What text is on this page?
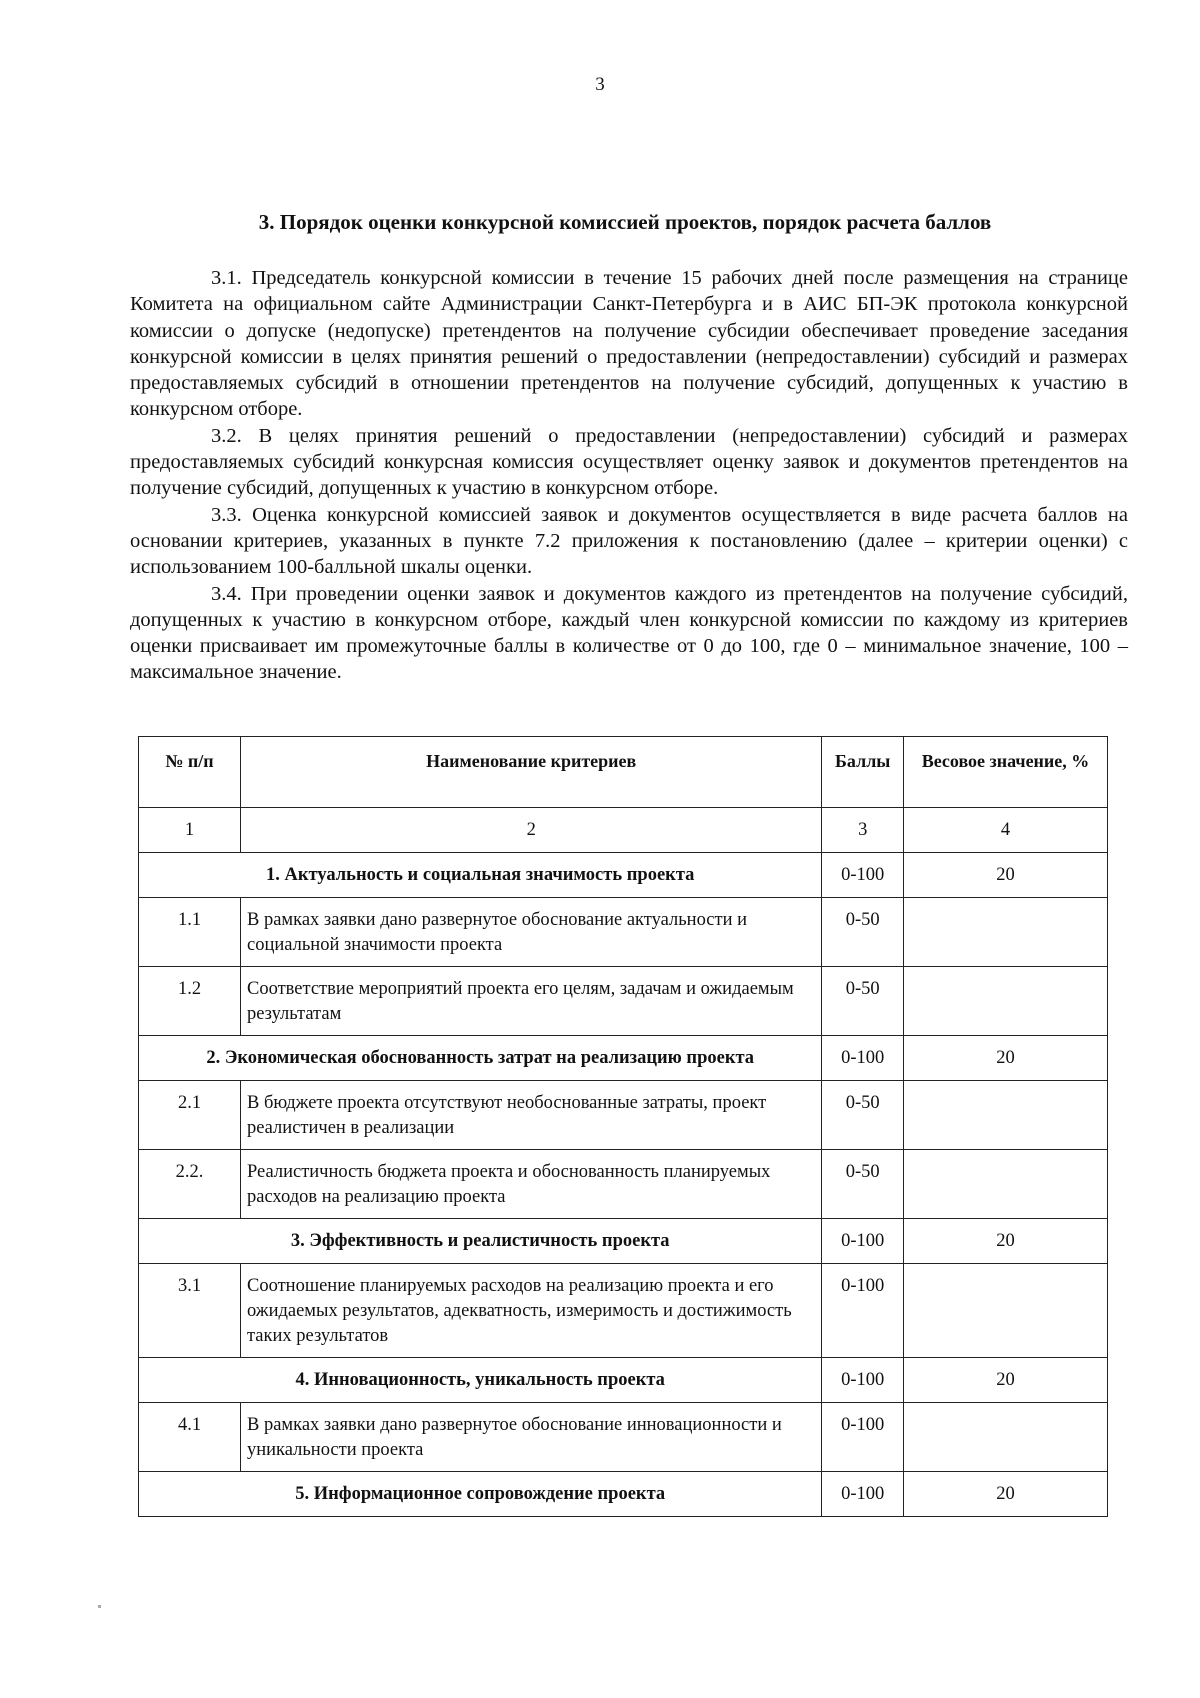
3
3. Порядок оценки конкурсной комиссией проектов, порядок расчета баллов

3.1. Председатель конкурсной комиссии в течение 15 рабочих дней после размещения на странице Комитета на официальном сайте Администрации Санкт-Петербурга и в АИС БП-ЭК протокола конкурсной комиссии о допуске (недопуске) претендентов на получение субсидии обеспечивает проведение заседания конкурсной комиссии в целях принятия решений о предоставлении (непредоставлении) субсидий и размерах предоставляемых субсидий в отношении претендентов на получение субсидий, допущенных к участию в конкурсном отборе.

3.2. В целях принятия решений о предоставлении (непредоставлении) субсидий и размерах предоставляемых субсидий конкурсная комиссия осуществляет оценку заявок и документов претендентов на получение субсидий, допущенных к участию в конкурсном отборе.

3.3. Оценка конкурсной комиссией заявок и документов осуществляется в виде расчета баллов на основании критериев, указанных в пункте 7.2 приложения к постановлению (далее – критерии оценки) с использованием 100-балльной шкалы оценки.

3.4. При проведении оценки заявок и документов каждого из претендентов на получение субсидий, допущенных к участию в конкурсном отборе, каждый член конкурсной комиссии по каждому из критериев оценки присваивает им промежуточные баллы в количестве от 0 до 100, где 0 – минимальное значение, 100 – максимальное значение.

№ п/п	Наименование критериев	Баллы	Весовое значение, %
1	2	3	4
1. Актуальность и социальная значимость проекта		0-100	20
1.1	В рамках заявки дано развернутое обоснование актуальности и социальной значимости проекта	0-50	
1.2	Соответствие мероприятий проекта его целям, задачам и ожидаемым результатам	0-50	
2. Экономическая обоснованность затрат на реализацию проекта		0-100	20
2.1	В бюджете проекта отсутствуют необоснованные затраты, проект реалистичен в реализации	0-50	
2.2.	Реалистичность бюджета проекта и обоснованность планируемых расходов на реализацию проекта	0-50	
3. Эффективность и реалистичность проекта		0-100	20
3.1	Соотношение планируемых расходов на реализацию проекта и его ожидаемых результатов, адекватность, измеримость и достижимость таких результатов	0-100	
4. Инновационность, уникальность проекта		0-100	20
4.1	В рамках заявки дано развернутое обоснование инновационности и уникальности проекта	0-100	
5. Информационное сопровождение проекта		0-100	20
